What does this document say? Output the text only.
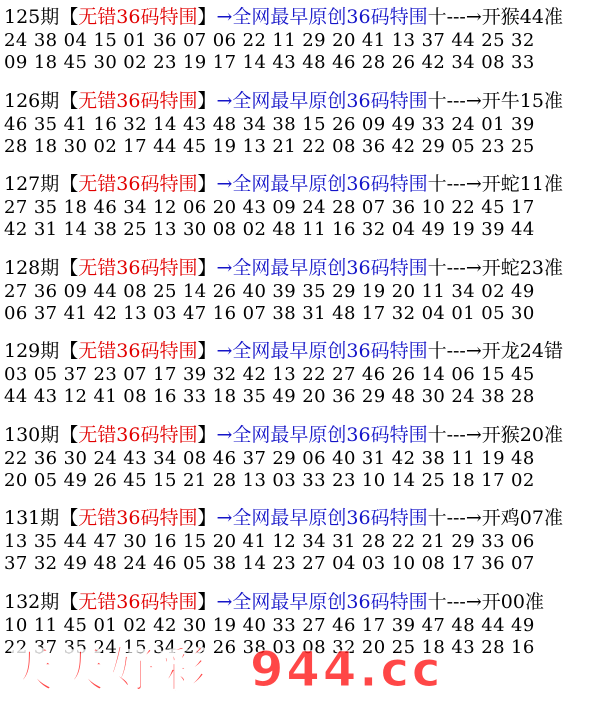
125期【无错36码特围】→全网最早原创36码特围十---→开猴44准
24 38 04 15 01 36 07 06 22 11 29 20 41 13 37 44 25 32
09 18 45 30 02 23 19 17 14 43 48 46 28 26 42 34 08 33
126期【无错36码特围】→全网最早原创36码特围十---→开牛15准
46 35 41 16 32 14 43 48 34 38 15 26 09 49 33 24 01 39
28 18 30 02 17 44 45 19 13 21 22 08 36 42 29 05 23 25
127期【无错36码特围】→全网最早原创36码特围十---→开蛇11准
27 35 18 46 34 12 06 20 43 09 24 28 07 36 10 22 45 17
42 31 14 38 25 13 30 08 02 48 11 16 32 04 49 19 39 44
128期【无错36码特围】→全网最早原创36码特围十---→开蛇23准
27 36 09 44 08 25 14 26 40 39 35 29 19 20 11 34 02 49
06 37 41 42 13 03 47 16 07 38 31 48 17 32 04 01 05 30
129期【无错36码特围】→全网最早原创36码特围十---→开龙24错
03 05 37 23 07 17 39 32 42 13 22 27 46 26 14 06 15 45
44 43 12 41 08 16 33 18 35 49 20 36 29 48 30 24 38 28
130期【无错36码特围】→全网最早原创36码特围十---→开猴20准
22 36 30 24 43 34 08 46 37 29 06 40 31 42 38 11 19 48
20 05 49 26 45 15 21 28 13 03 33 23 10 14 25 18 17 02
131期【无错36码特围】→全网最早原创36码特围十---→开鸡07准
13 35 44 47 30 16 15 20 41 12 34 31 28 22 21 29 33 06
37 32 49 48 24 46 05 38 14 23 27 04 03 10 08 17 36 07
132期【无错36码特围】→全网最早原创36码特围十---→开00准
10 11 45 01 02 42 30 19 40 33 27 46 17 39 47 48 44 49
22 37 35 24 15 34 29 26 38 03 08 32 20 25 18 43 28 16
天天好彩 944.cc
